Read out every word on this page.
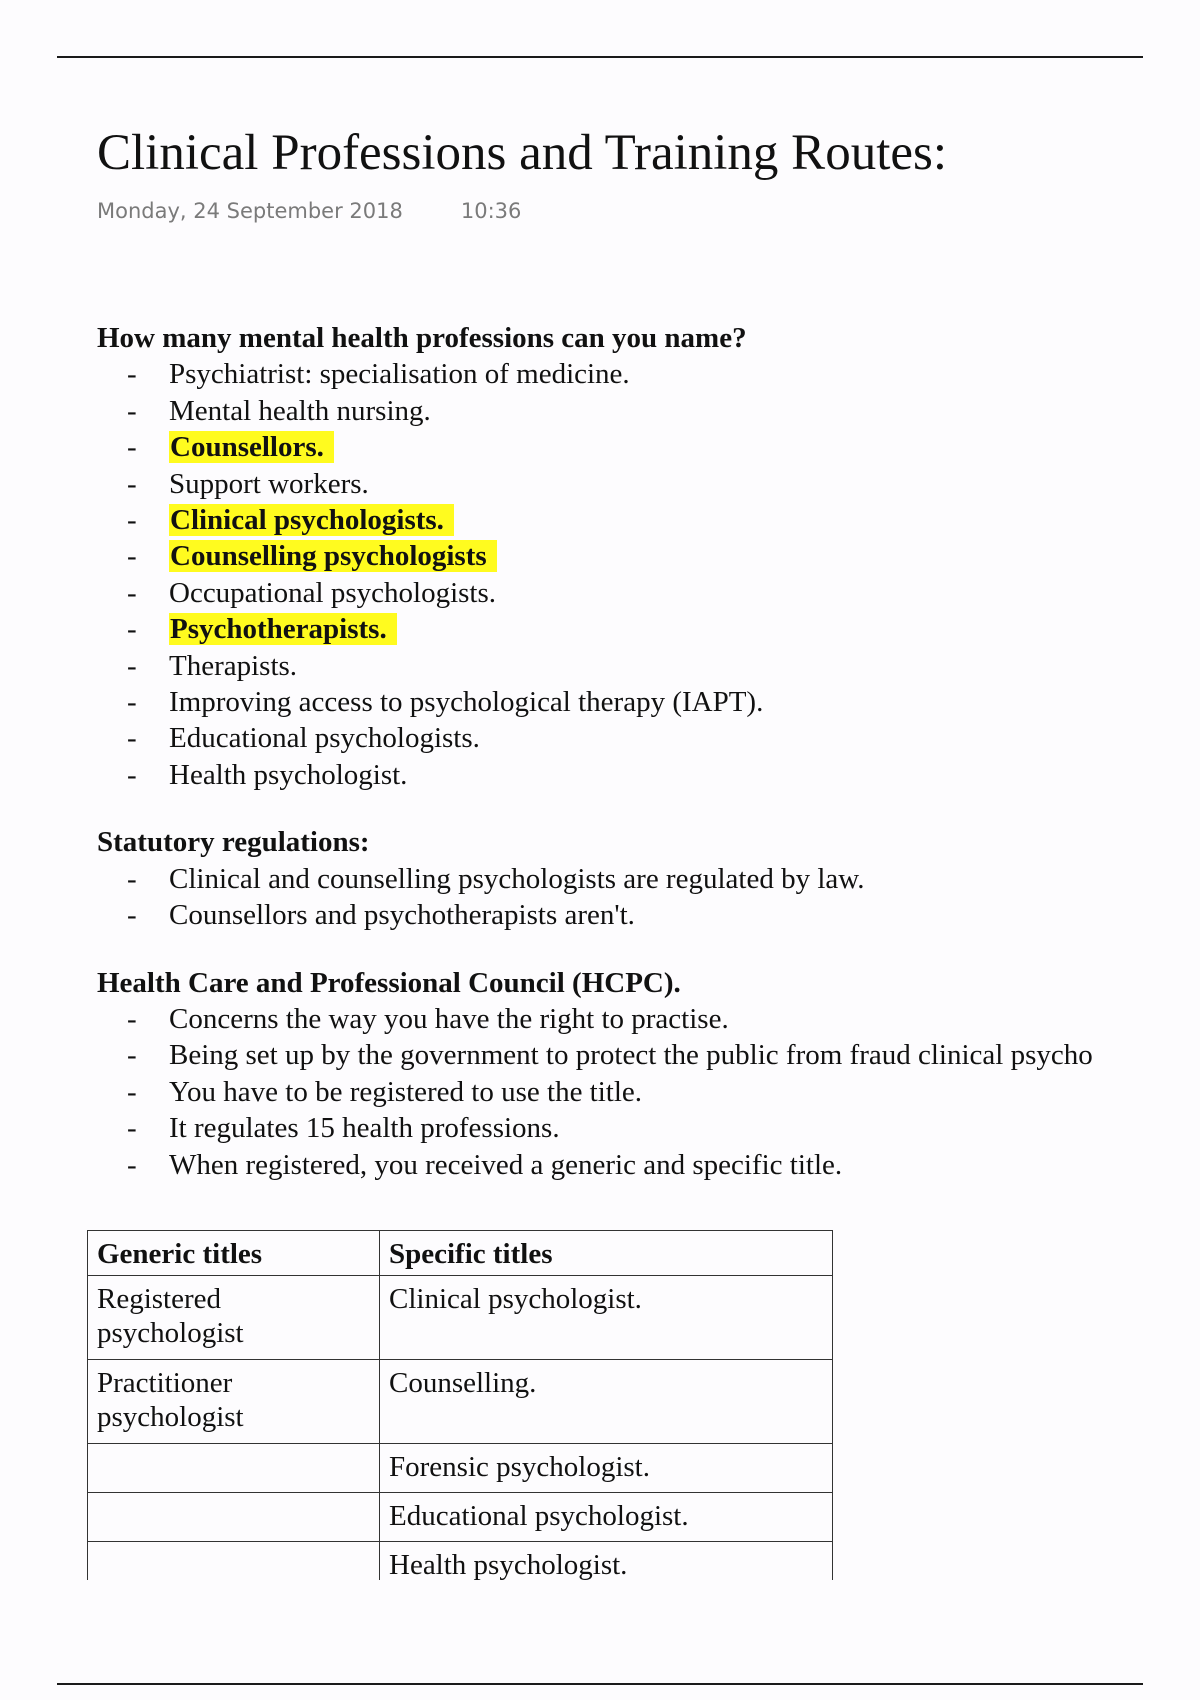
Clinical Professions and Training Routes:
Monday, 24 September 2018	10:36

How many mental health professions can you name?

- Psychiatrist: specialisation of medicine.
- Mental health nursing.
- Counsellors.
- Support workers.
- Clinical psychologists.
- Counselling psychologists
- Occupational psychologists.
- Psychotherapists.
- Therapists.
- Improving access to psychological therapy (IAPT).
- Educational psychologists.
- Health psychologist.

Statutory regulations:

- Clinical and counselling psychologists are regulated by law.
- Counsellors and psychotherapists aren't.

Health Care and Professional Council (HCPC).

- Concerns the way you have the right to practise.
- Being set up by the government to protect the public from fraud clinical psycho
- You have to be registered to use the title.
- It regulates 15 health professions.
- When registered, you received a generic and specific title.
Generic titles	Specific titles
Registered psychologist	Clinical psychologist.
Practitioner psychologist	Counselling.
	Forensic psychologist.
	Educational psychologist.
	Health psychologist.
